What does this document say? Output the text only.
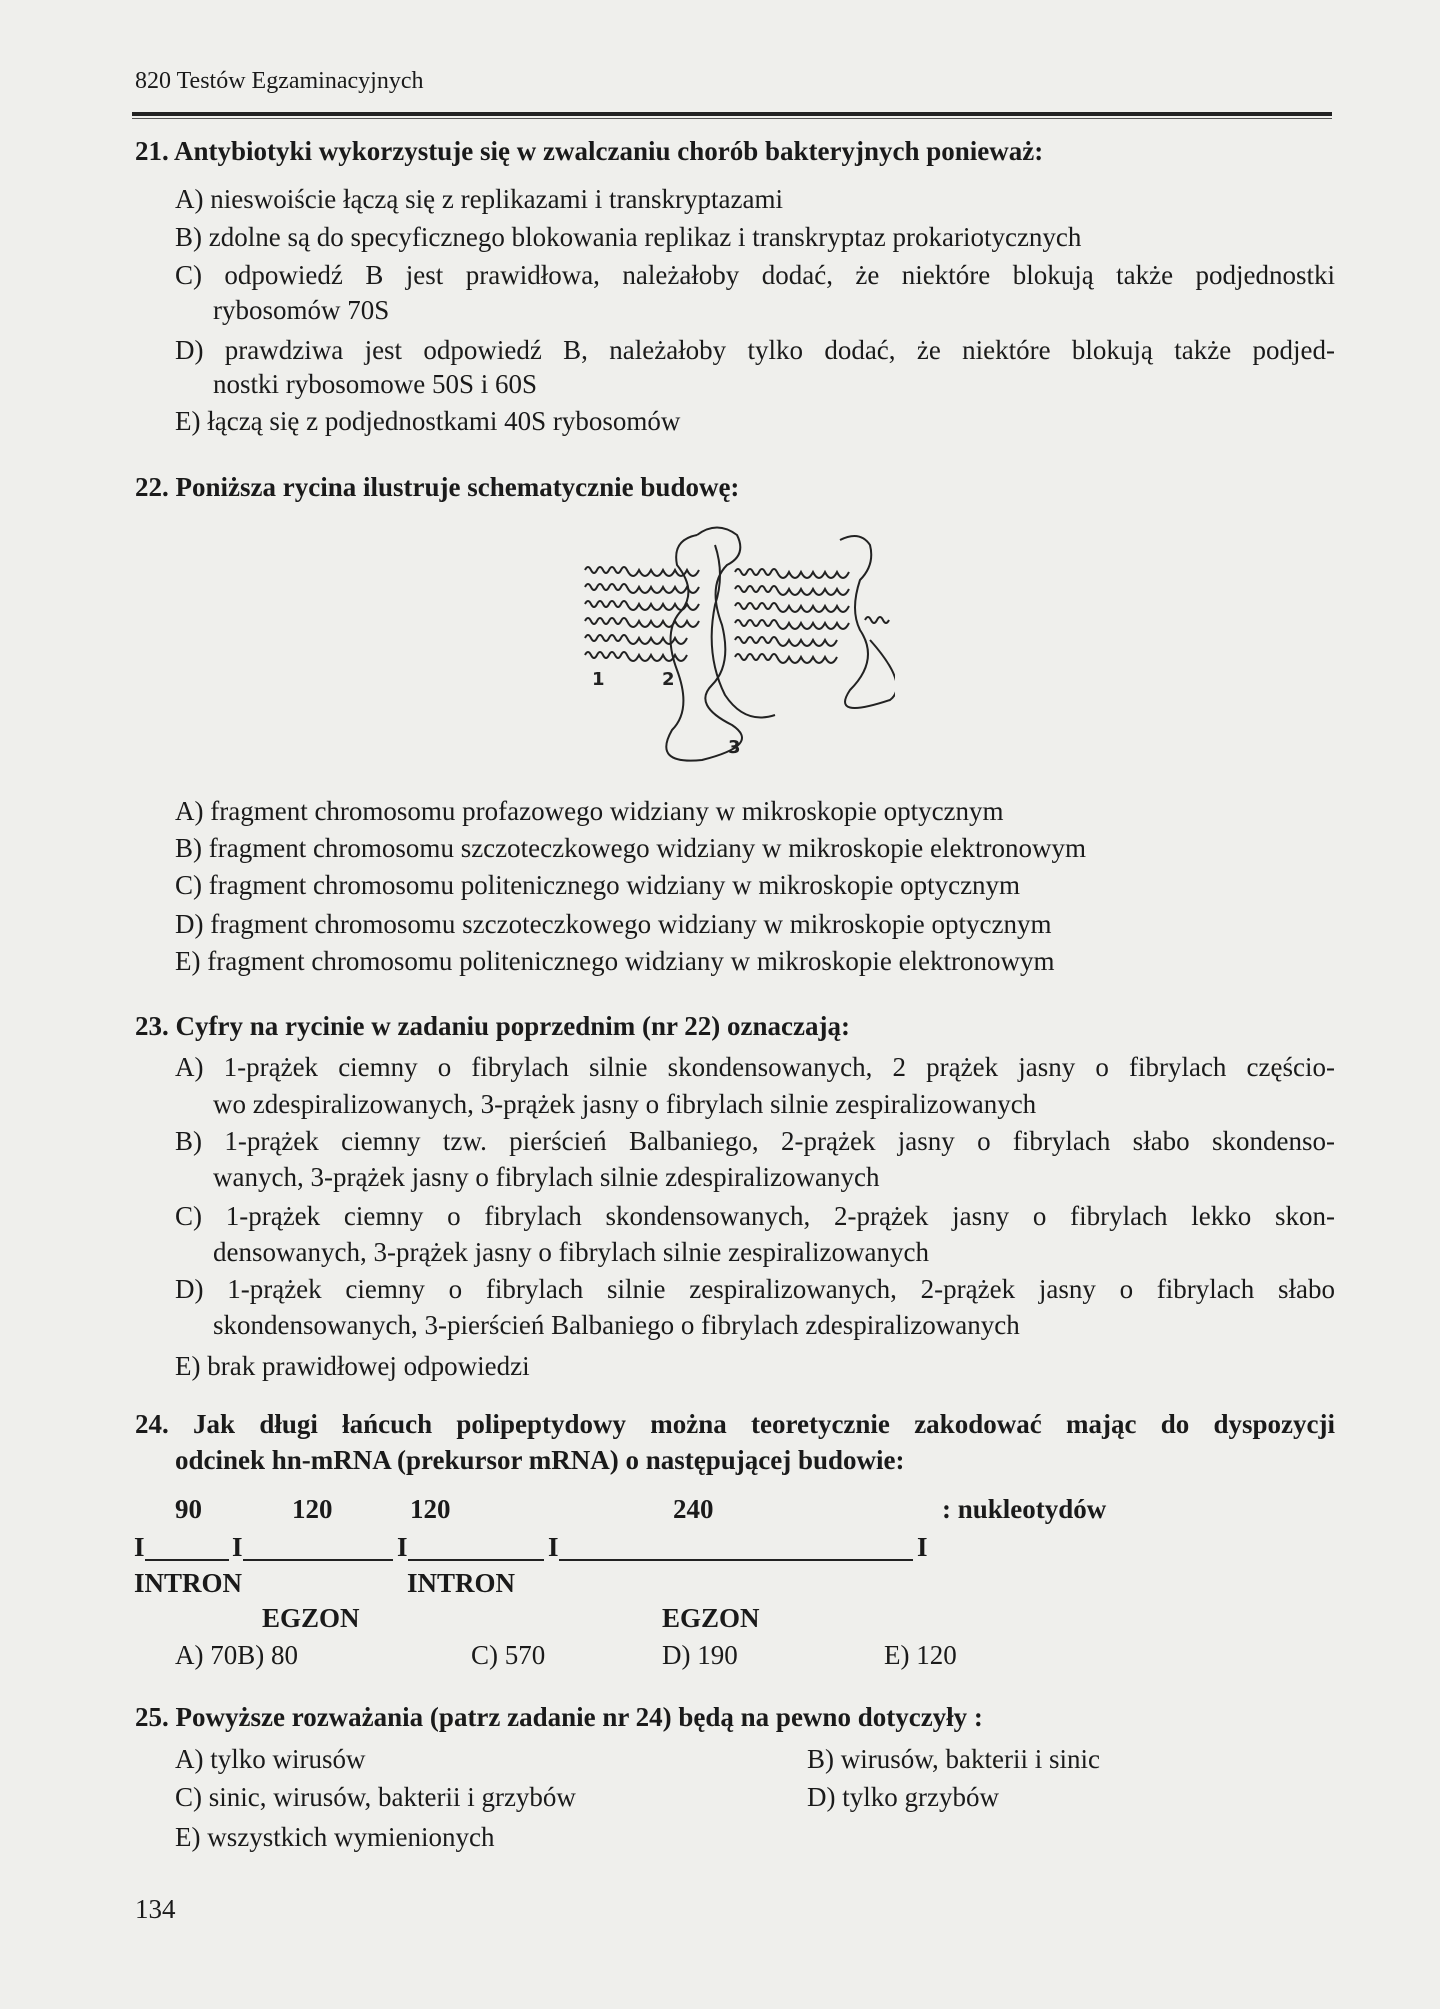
820 Testów Egzaminacyjnych
21. Antybiotyki wykorzystuje się w zwalczaniu chorób bakteryjnych ponieważ:
A) nieswoiście łączą się z replikazami i transkryptazami
B) zdolne są do specyficznego blokowania replikaz i transkryptaz prokariotycznych
C) odpowiedź B jest prawidłowa, należałoby dodać, że niektóre blokują także podjednostki
rybosomów 70S
D) prawdziwa jest odpowiedź B, należałoby tylko dodać, że niektóre blokują także podjed-
nostki rybosomowe 50S i 60S
E) łączą się z podjednostkami 40S rybosomów
22. Poniższa rycina ilustruje schematycznie budowę:
1	2
3
A) fragment chromosomu profazowego widziany w mikroskopie optycznym
B) fragment chromosomu szczoteczkowego widziany w mikroskopie elektronowym
C) fragment chromosomu politenicznego widziany w mikroskopie optycznym
D) fragment chromosomu szczoteczkowego widziany w mikroskopie optycznym
E) fragment chromosomu politenicznego widziany w mikroskopie elektronowym
23. Cyfry na rycinie w zadaniu poprzednim (nr 22) oznaczają:
A) 1-prążek ciemny o fibrylach silnie skondensowanych, 2 prążek jasny o fibrylach częścio-
wo zdespiralizowanych, 3-prążek jasny o fibrylach silnie zespiralizowanych
B) 1-prążek ciemny tzw. pierścień Balbaniego, 2-prążek jasny o fibrylach słabo skondenso-
wanych, 3-prążek jasny o fibrylach silnie zdespiralizowanych
C) 1-prążek ciemny o fibrylach skondensowanych, 2-prążek jasny o fibrylach lekko skon-
densowanych, 3-prążek jasny o fibrylach silnie zespiralizowanych
D) 1-prążek ciemny o fibrylach silnie zespiralizowanych, 2-prążek jasny o fibrylach słabo
skondensowanych, 3-pierścień Balbaniego o fibrylach zdespiralizowanych
E) brak prawidłowej odpowiedzi
24. Jak długi łańcuch polipeptydowy można teoretycznie zakodować mając do dyspozycji
odcinek hn-mRNA (prekursor mRNA) o następującej budowie:
90	120	120	240	: nukleotydów
I	I	I	I	I
INTRON	INTRON
EGZON	EGZON
A) 70B) 80	C) 570	D) 190	E) 120
25. Powyższe rozważania (patrz zadanie nr 24) będą na pewno dotyczyły :
A) tylko wirusów	B) wirusów, bakterii i sinic
C) sinic, wirusów, bakterii i grzybów	D) tylko grzybów
E) wszystkich wymienionych
134
